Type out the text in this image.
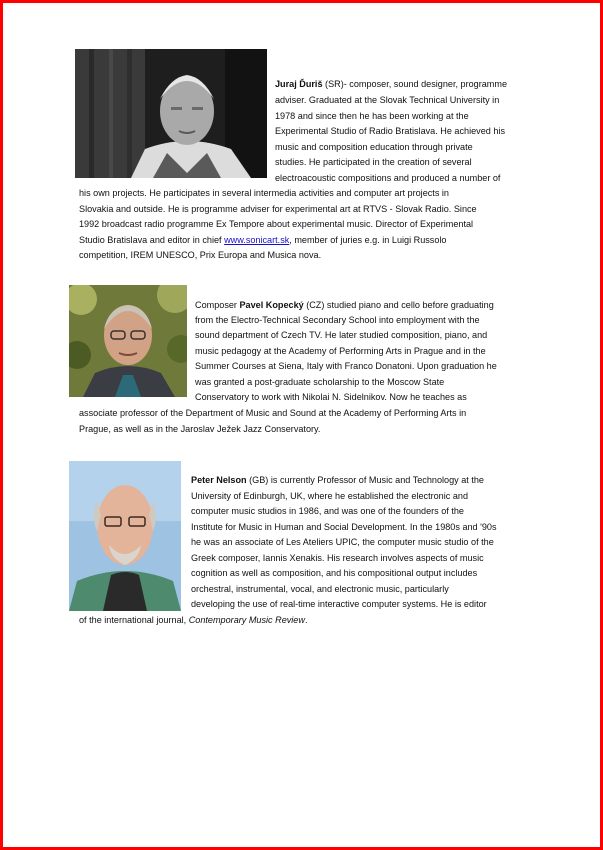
Juraj Ďuriš (SR)- composer, sound designer, programme
adviser. Graduated at the Slovak Technical University in
1978 and since then he has been working at the
Experimental Studio of Radio Bratislava. He achieved his
music and composition education through private
studies. He participated in the creation of several
electroacoustic compositions and produced a number of
his own projects. He participates in several intermedia activities and computer art projects in
Slovakia and outside. He is programme adviser for experimental art at RTVS - Slovak Radio. Since
1992 broadcast radio programme Ex Tempore about experimental music. Director of Experimental
Studio Bratislava and editor in chief www.sonicart.sk, member of juries e.g. in Luigi Russolo
competition, IREM UNESCO, Prix Europa and Musica nova.
Composer Pavel Kopecký (CZ) studied piano and cello before graduating
from the Electro-Technical Secondary School into employment with the
sound department of Czech TV. He later studied composition, piano, and
music pedagogy at the Academy of Performing Arts in Prague and in the
Summer Courses at Siena, Italy with Franco Donatoni. Upon graduation he
was granted a post-graduate scholarship to the Moscow State
Conservatory to work with Nikolai N. Sidelnikov. Now he teaches as
associate professor of the Department of Music and Sound at the Academy of Performing Arts in
Prague, as well as in the Jaroslav Ježek Jazz Conservatory.
Peter Nelson (GB) is currently Professor of Music and Technology at the
University of Edinburgh, UK, where he established the electronic and
computer music studios in 1986, and was one of the founders of the
Institute for Music in Human and Social Development. In the 1980s and '90s
he was an associate of Les Ateliers UPIC, the computer music studio of the
Greek composer, Iannis Xenakis. His research involves aspects of music
cognition as well as composition, and his compositional output includes
orchestral, instrumental, vocal, and electronic music, particularly
developing the use of real-time interactive computer systems. He is editor
of the international journal, Contemporary Music Review.
